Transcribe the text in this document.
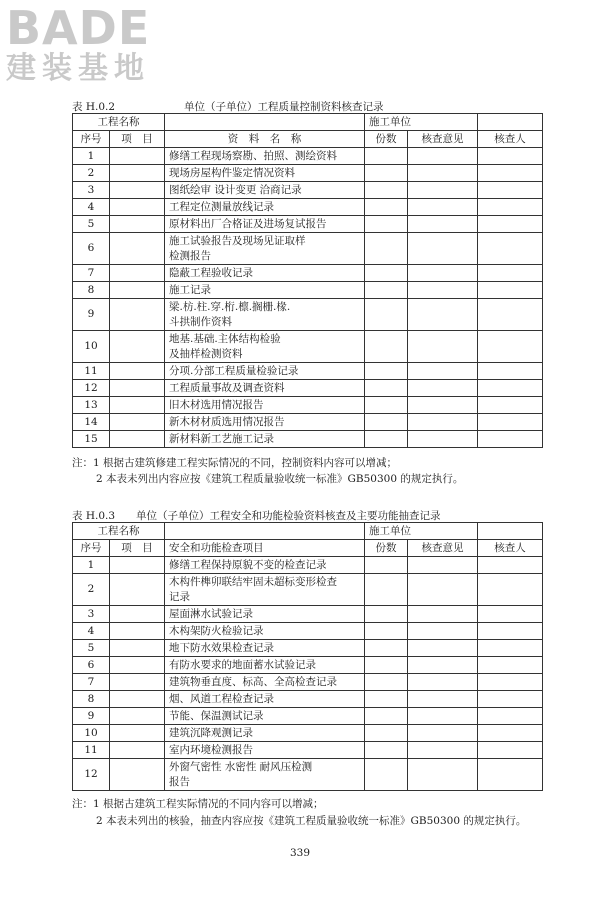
BADE
建装基地
表 H.0.2	单位（子单位）工程质量控制资料核查记录
工程名称			施工单位		
序号	项　目	资　料　名　称	份数	核查意见	核查人
1		修缮工程现场察勘、拍照、测绘资料			

2		现场房屋构件鉴定情况资料			

3		图纸绘审 设计变更 洽商记录			

4		工程定位测量放线记录			

5		原材料出厂合格证及进场复试报告			

6		施工试验报告及现场见证取样
检测报告			

7		隐蔽工程验收记录			

8		施工记录			

9		梁.枋.柱.穿.桁.檩.搁栅.椽.
斗拱制作资料			

10		地基.基础.主体结构检验
及抽样检测资料			

11		分项.分部工程质量检验记录			

12		工程质量事故及调查资料			

13		旧木材选用情况报告			

14		新木材材质选用情况报告			

15		新材料新工艺施工记录			

注：1 根据古建筑修建工程实际情况的不同，控制资料内容可以增减；
2 本表未列出内容应按《建筑工程质量验收统一标准》GB50300 的规定执行。
表 H.0.3 单位（子单位）工程安全和功能检验资料核查及主要功能抽查记录
工程名称			施工单位		
序号	项　目	安全和功能检查项目	份数	核查意见	核查人
1		修缮工程保持原貌不变的检查记录			

2		木构件榫卯联结牢固未超标变形检查
记录			

3		屋面淋水试验记录			

4		木构架防火检验记录			

5		地下防水效果检查记录			

6		有防水要求的地面蓄水试验记录			

7		建筑物垂直度、标高、全高检查记录			

8		烟、风道工程检查记录			

9		节能、保温测试记录			

10		建筑沉降观测记录			

11		室内环境检测报告			

12		外窗气密性 水密性 耐风压检测
报告			

注：1 根据古建筑工程实际情况的不同内容可以增减；
2 本表未列出的核验，抽查内容应按《建筑工程质量验收统一标准》GB50300 的规定执行。
339
